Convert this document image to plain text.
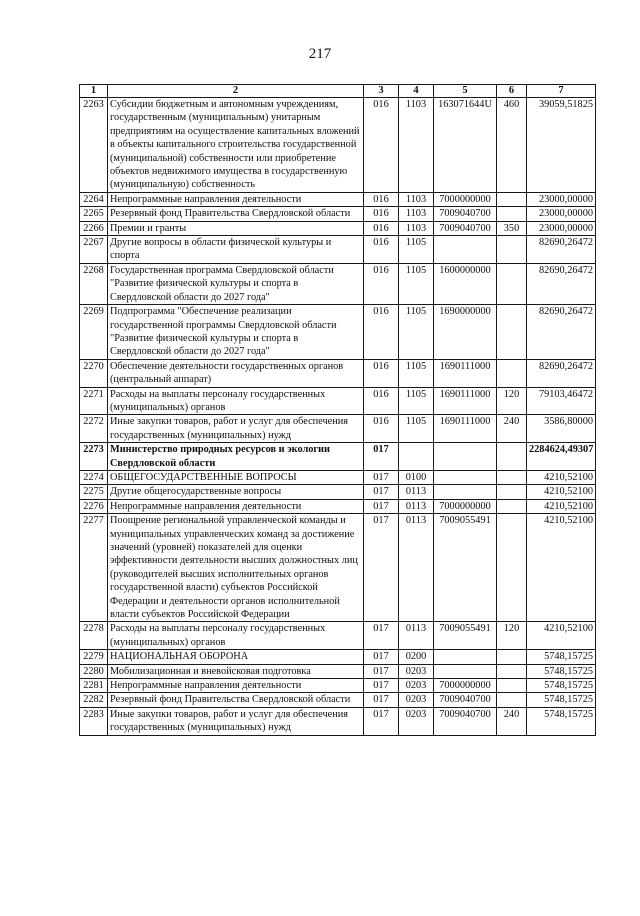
217
1	2	3	4	5	6	7
2263	Субсидии бюджетным и автономным учреждениям, государственным (муниципальным) унитарным предприятиям на осуществление капитальных вложений в объекты капитального строительства государственной (муниципальной) собственности или приобретение объектов недвижимого имущества в государственную (муниципальную) собственность	016	1103	163071644U	460	39059,51825
2264	Непрограммные направления деятельности	016	1103	7000000000		23000,00000
2265	Резервный фонд Правительства Свердловской области	016	1103	7009040700		23000,00000
2266	Премии и гранты	016	1103	7009040700	350	23000,00000
2267	Другие вопросы в области физической культуры и спорта	016	1105			82690,26472
2268	Государственная программа Свердловской области "Развитие физической культуры и спорта в Свердловской области до 2027 года"	016	1105	1600000000		82690,26472
2269	Подпрограмма "Обеспечение реализации государственной программы Свердловской области "Развитие физической культуры и спорта в Свердловской области до 2027 года"	016	1105	1690000000		82690,26472
2270	Обеспечение деятельности государственных органов (центральный аппарат)	016	1105	1690111000		82690,26472
2271	Расходы на выплаты персоналу государственных (муниципальных) органов	016	1105	1690111000	120	79103,46472
2272	Иные закупки товаров, работ и услуг для обеспечения государственных (муниципальных) нужд	016	1105	1690111000	240	3586,80000
2273	Министерство природных ресурсов и экологии Свердловской области	017				2284624,49307
2274	ОБЩЕГОСУДАРСТВЕННЫЕ ВОПРОСЫ	017	0100			4210,52100
2275	Другие общегосударственные вопросы	017	0113			4210,52100
2276	Непрограммные направления деятельности	017	0113	7000000000		4210,52100
2277	Поощрение региональной управленческой команды и муниципальных управленческих команд за достижение значений (уровней) показателей для оценки эффективности деятельности высших должностных лиц (руководителей высших исполнительных органов государственной власти) субъектов Российской Федерации и деятельности органов исполнительной власти субъектов Российской Федерации	017	0113	7009055491		4210,52100
2278	Расходы на выплаты персоналу государственных (муниципальных) органов	017	0113	7009055491	120	4210,52100
2279	НАЦИОНАЛЬНАЯ ОБОРОНА	017	0200			5748,15725
2280	Мобилизационная и вневойсковая подготовка	017	0203			5748,15725
2281	Непрограммные направления деятельности	017	0203	7000000000		5748,15725
2282	Резервный фонд Правительства Свердловской области	017	0203	7009040700		5748,15725
2283	Иные закупки товаров, работ и услуг для обеспечения государственных (муниципальных) нужд	017	0203	7009040700	240	5748,15725
